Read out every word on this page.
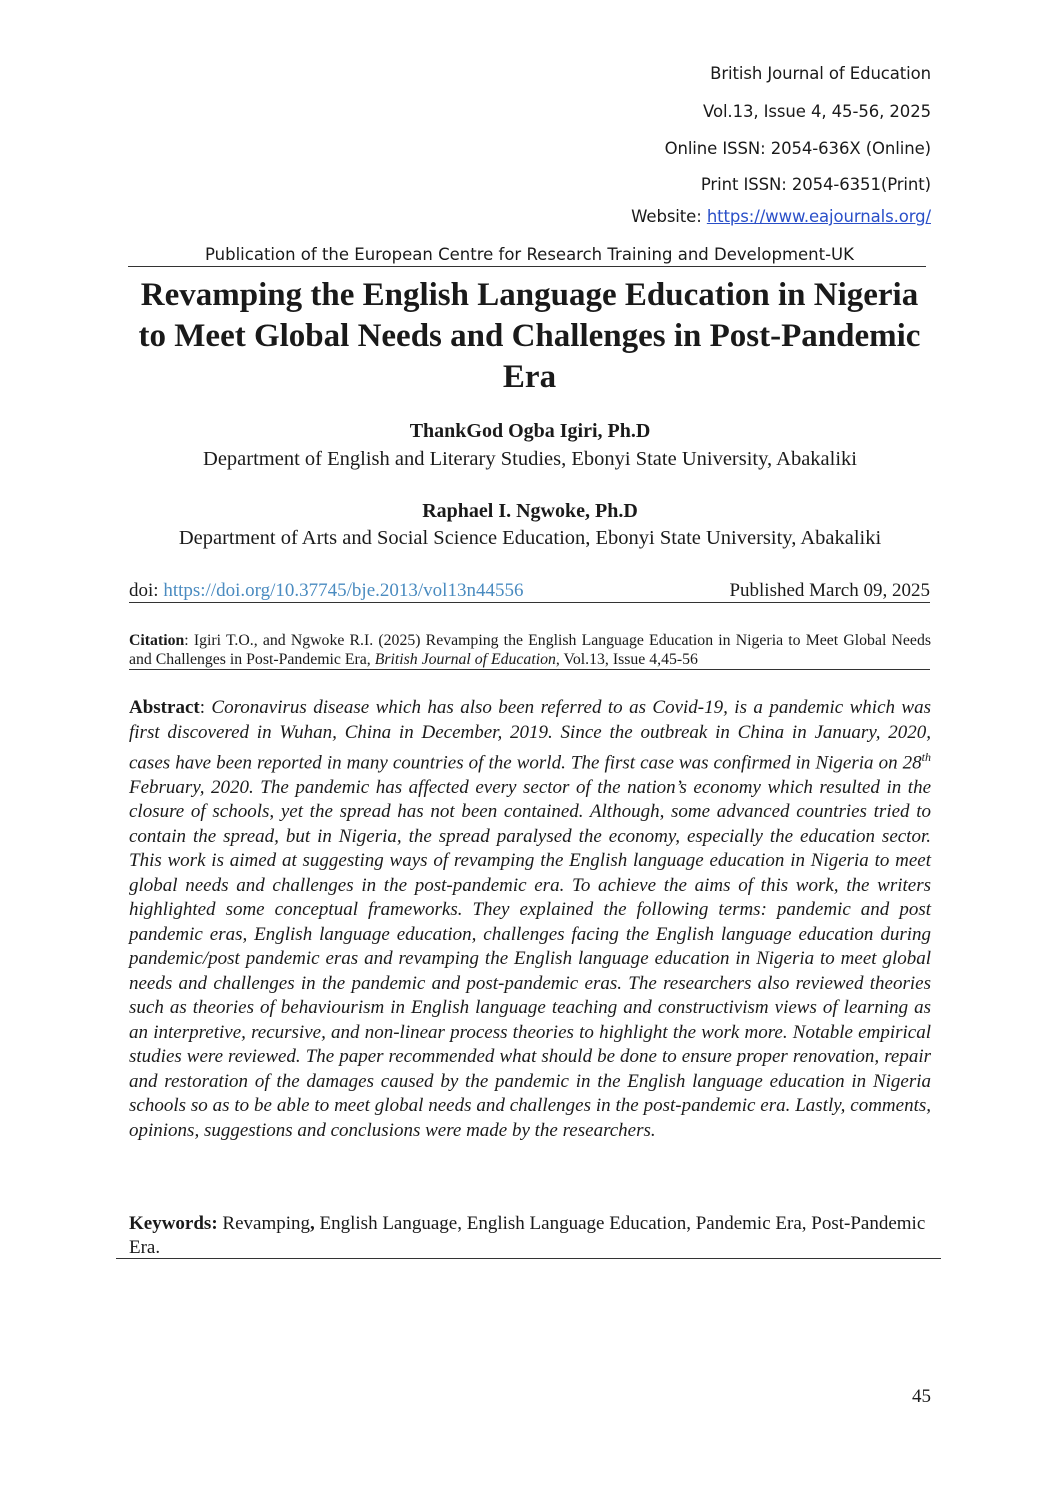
British Journal of Education
Vol.13, Issue 4, 45-56, 2025
Online ISSN: 2054-636X (Online)
Print ISSN: 2054-6351(Print)
Website: https://www.eajournals.org/
Publication of the European Centre for Research Training and Development-UK
Revamping the English Language Education in Nigeria to Meet Global Needs and Challenges in Post-Pandemic Era
ThankGod Ogba Igiri, Ph.D
Department of English and Literary Studies, Ebonyi State University, Abakaliki
Raphael I. Ngwoke, Ph.D
Department of Arts and Social Science Education, Ebonyi State University, Abakaliki
doi: https://doi.org/10.37745/bje.2013/vol13n44556	Published March 09, 2025

Citation: Igiri T.O., and Ngwoke R.I. (2025) Revamping the English Language Education in Nigeria to Meet Global Needs and Challenges in Post-Pandemic Era, British Journal of Education, Vol.13, Issue 4,45-56

Abstract: Coronavirus disease which has also been referred to as Covid-19, is a pandemic which was first discovered in Wuhan, China in December, 2019. Since the outbreak in China in January, 2020, cases have been reported in many countries of the world. The first case was confirmed in Nigeria on 28th February, 2020. The pandemic has affected every sector of the nation’s economy which resulted in the closure of schools, yet the spread has not been contained. Although, some advanced countries tried to contain the spread, but in Nigeria, the spread paralysed the economy, especially the education sector. This work is aimed at suggesting ways of revamping the English language education in Nigeria to meet global needs and challenges in the post-pandemic era. To achieve the aims of this work, the writers highlighted some conceptual frameworks. They explained the following terms: pandemic and post pandemic eras, English language education, challenges facing the English language education during pandemic/post pandemic eras and revamping the English language education in Nigeria to meet global needs and challenges in the pandemic and post-pandemic eras. The researchers also reviewed theories such as theories of behaviourism in English language teaching and constructivism views of learning as an interpretive, recursive, and non-linear process theories to highlight the work more. Notable empirical studies were reviewed. The paper recommended what should be done to ensure proper renovation, repair and restoration of the damages caused by the pandemic in the English language education in Nigeria schools so as to be able to meet global needs and challenges in the post-pandemic era. Lastly, comments, opinions, suggestions and conclusions were made by the researchers.

Keywords: Revamping, English Language, English Language Education, Pandemic Era, Post-Pandemic Era.

45
